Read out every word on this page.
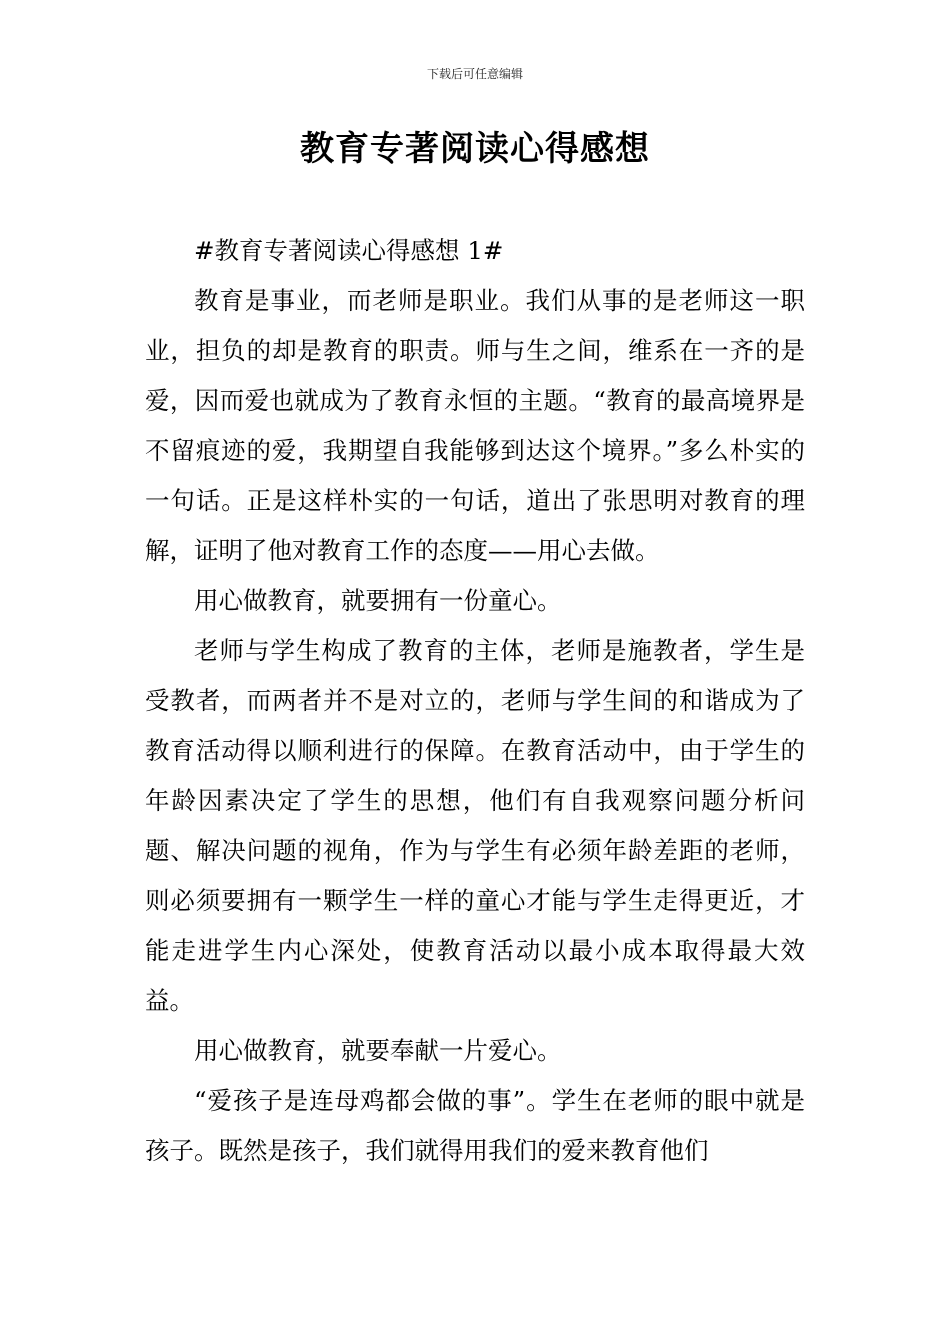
下载后可任意编辑
教育专著阅读心得感想

#教育专著阅读心得感想 1#

教育是事业，而老师是职业。我们从事的是老师这一职业，担负的却是教育的职责。师与生之间，维系在一齐的是爱，因而爱也就成为了教育永恒的主题。“教育的最高境界是不留痕迹的爱，我期望自我能够到达这个境界。”多么朴实的一句话。正是这样朴实的一句话，道出了张思明对教育的理解，证明了他对教育工作的态度——用心去做。

用心做教育，就要拥有一份童心。

老师与学生构成了教育的主体，老师是施教者，学生是受教者，而两者并不是对立的，老师与学生间的和谐成为了教育活动得以顺利进行的保障。在教育活动中，由于学生的年龄因素决定了学生的思想，他们有自我观察问题分析问题、解决问题的视角，作为与学生有必须年龄差距的老师，则必须要拥有一颗学生一样的童心才能与学生走得更近，才能走进学生内心深处，使教育活动以最小成本取得最大效益。

用心做教育，就要奉献一片爱心。

“爱孩子是连母鸡都会做的事”。学生在老师的眼中就是孩子。既然是孩子，我们就得用我们的爱来教育他们
